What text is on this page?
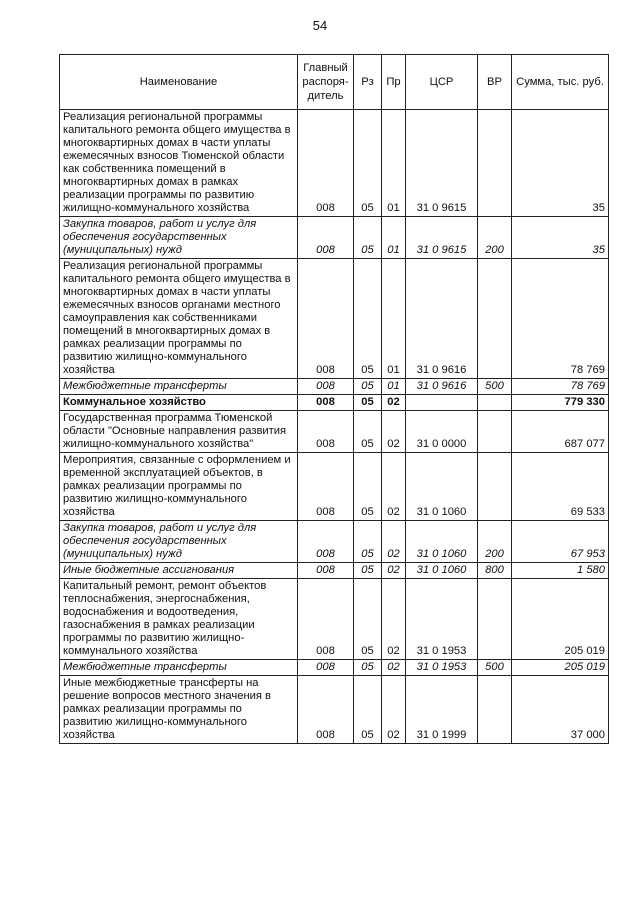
54
Наименование	Главный распоря-дитель	Рз	Пр	ЦСР	ВР	Сумма, тыс. руб.
Реализация региональной программы капитального ремонта общего имущества в многоквартирных домах в части уплаты ежемесячных взносов Тюменской области как собственника помещений в многоквартирных домах в рамках реализации программы по развитию жилищно-коммунального хозяйства	008	05	01	31 0 9615		35
Закупка товаров, работ и услуг для обеспечения государственных (муниципальных) нужд	008	05	01	31 0 9615	200	35
Реализация региональной программы капитального ремонта общего имущества в многоквартирных домах в части уплаты ежемесячных взносов органами местного самоуправления как собственниками помещений в многоквартирных домах в рамках реализации программы по развитию жилищно-коммунального хозяйства	008	05	01	31 0 9616		78 769
Межбюджетные трансферты	008	05	01	31 0 9616	500	78 769
Коммунальное хозяйство	008	05	02			779 330
Государственная программа Тюменской области "Основные направления развития жилищно-коммунального хозяйства"	008	05	02	31 0 0000		687 077
Мероприятия, связанные с оформлением и временной эксплуатацией объектов, в рамках реализации программы по развитию жилищно-коммунального хозяйства	008	05	02	31 0 1060		69 533
Закупка товаров, работ и услуг для обеспечения государственных (муниципальных) нужд	008	05	02	31 0 1060	200	67 953
Иные бюджетные ассигнования	008	05	02	31 0 1060	800	1 580
Капитальный ремонт, ремонт объектов теплоснабжения, энергоснабжения, водоснабжения и водоотведения, газоснабжения в рамках реализации программы по развитию жилищно-коммунального хозяйства	008	05	02	31 0 1953		205 019
Межбюджетные трансферты	008	05	02	31 0 1953	500	205 019
Иные межбюджетные трансферты на решение вопросов местного значения в рамках реализации программы по развитию жилищно-коммунального хозяйства	008	05	02	31 0 1999		37 000
